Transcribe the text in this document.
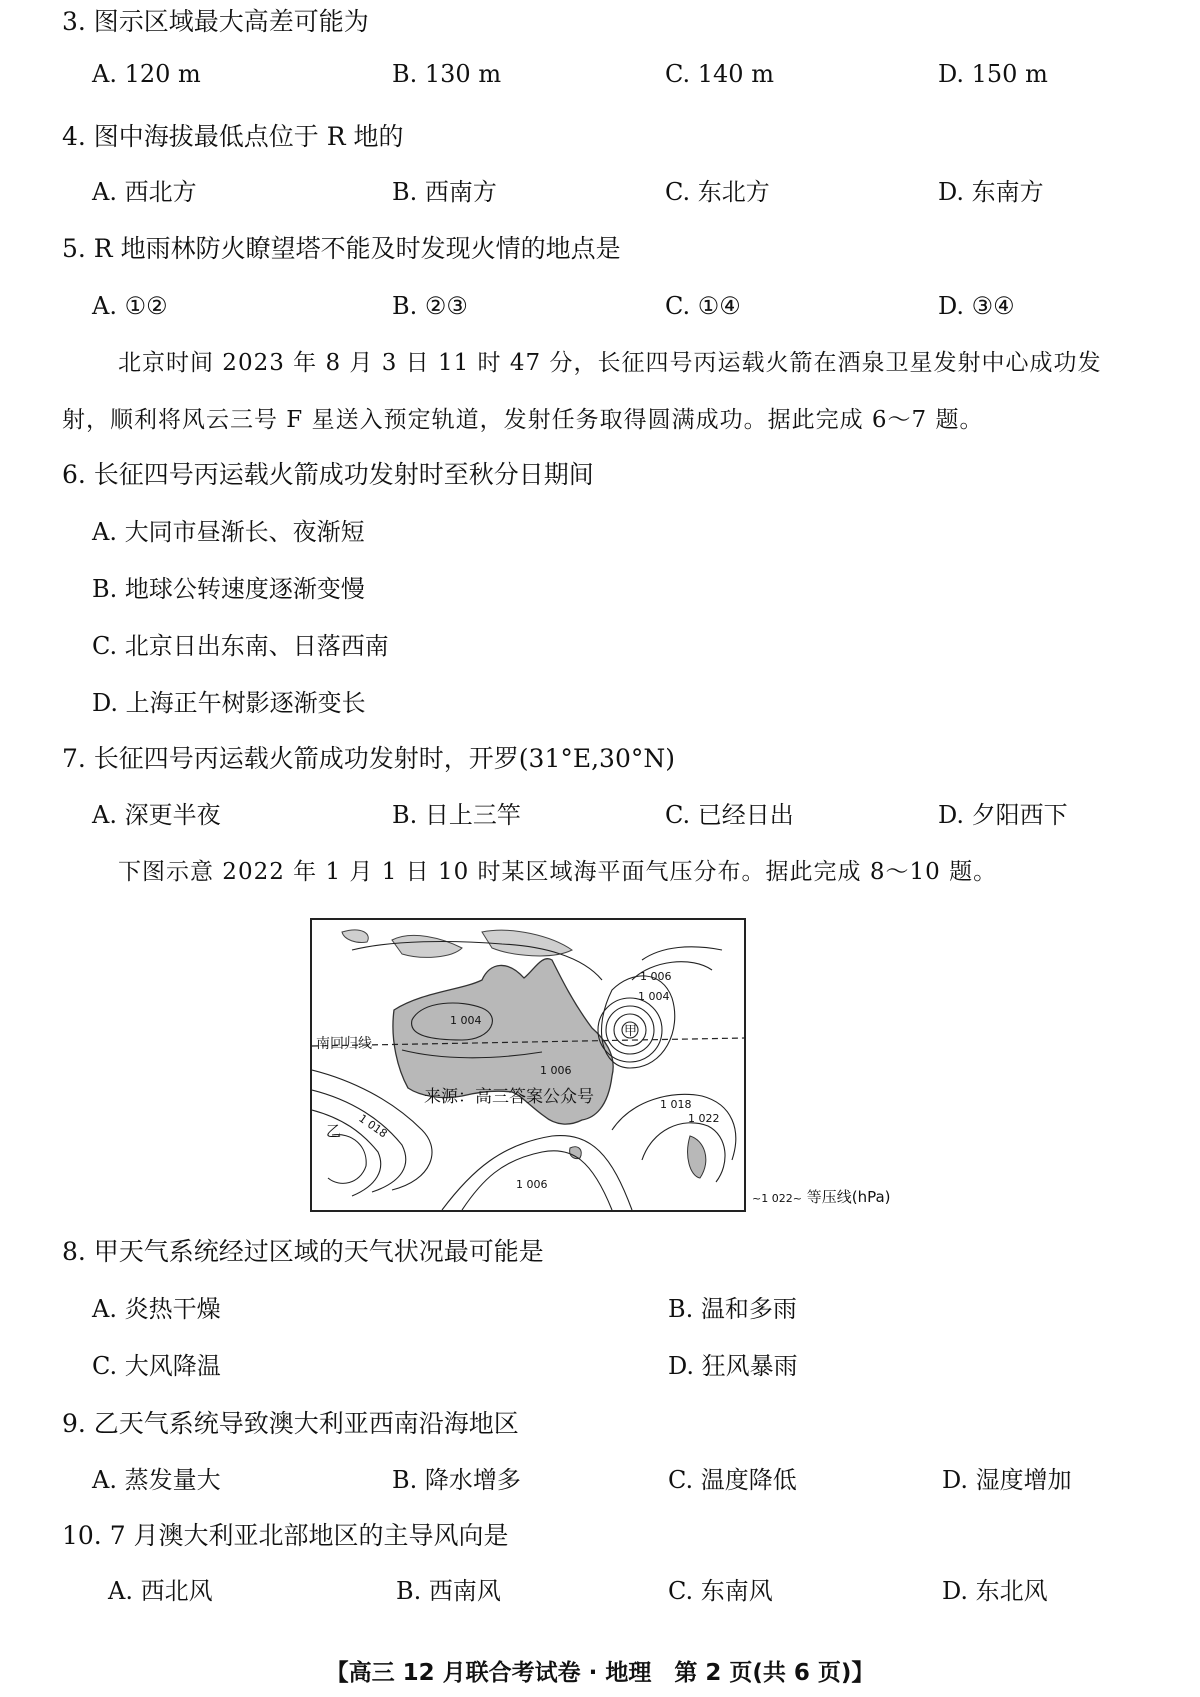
3. 图示区域最大高差可能为
A. 120 m	B. 130 m	C. 140 m	D. 150 m
4. 图中海拔最低点位于 R 地的
A. 西北方	B. 西南方	C. 东北方	D. 东南方
5. R 地雨林防火瞭望塔不能及时发现火情的地点是
A. ①②	B. ②③	C. ①④	D. ③④
北京时间 2023 年 8 月 3 日 11 时 47 分，长征四号丙运载火箭在酒泉卫星发射中心成功发
射，顺利将风云三号 F 星送入预定轨道，发射任务取得圆满成功。据此完成 6～7 题。
6. 长征四号丙运载火箭成功发射时至秋分日期间
A. 大同市昼渐长、夜渐短
B. 地球公转速度逐渐变慢
C. 北京日出东南、日落西南
D. 上海正午树影逐渐变长
7. 长征四号丙运载火箭成功发射时，开罗(31°E,30°N)
A. 深更半夜	B. 日上三竿	C. 已经日出	D. 夕阳西下
下图示意 2022 年 1 月 1 日 10 时某区域海平面气压分布。据此完成 8～10 题。
南回归线
甲
乙
来源：高三答案公众号
1 006
1 004
1 004
1 006
1 018
1 018
1 022
1 006
~1 022~ 等压线(hPa)
8. 甲天气系统经过区域的天气状况最可能是
A. 炎热干燥	B. 温和多雨
C. 大风降温	D. 狂风暴雨
9. 乙天气系统导致澳大利亚西南沿海地区
A. 蒸发量大	B. 降水增多	C. 温度降低	D. 湿度增加
10. 7 月澳大利亚北部地区的主导风向是
A. 西北风	B. 西南风	C. 东南风	D. 东北风
【高三 12 月联合考试卷 · 地理　第 2 页(共 6 页)】
